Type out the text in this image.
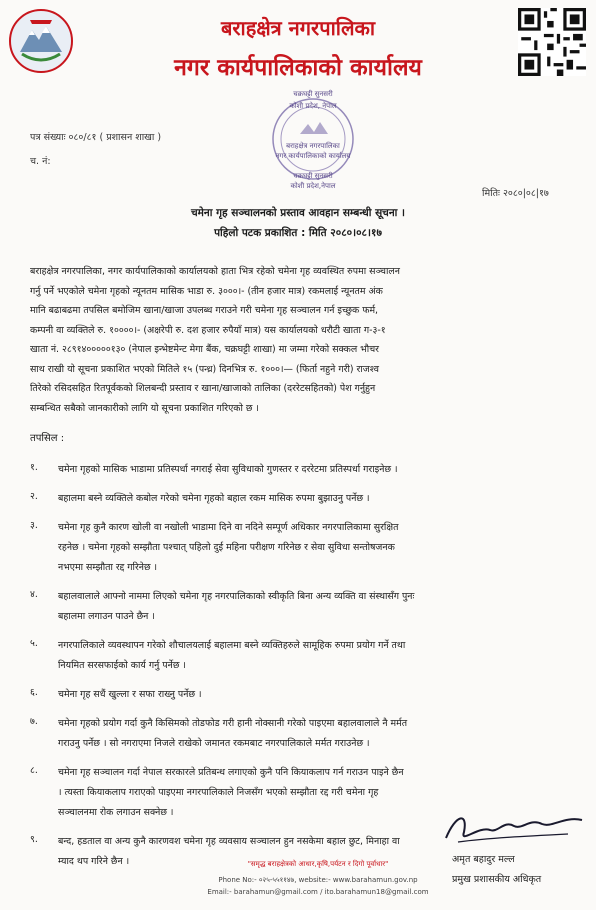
बराहक्षेत्र नगरपालिका
नगर कार्यपालिकाको कार्यालय
पत्र संख्याः ०८०/८१ ( प्रशासन शाखा )
च. नं:
चक्रघट्टी सुनसरी
कोशी प्रदेश, नेपाल
बराहक्षेत्र नगरपालिका
नगर कार्यपालिकाको कार्यालय
चक्रघट्टी सुनसरी
कोशी प्रदेश,नेपाल
मितिः २०८०|०८|१७
चमेना गृह सञ्चालनको प्रस्ताव आवहान सम्बन्धी सूचना ।
पहिलो पटक प्रकाशित : मिति २०८०।०८।१७
बराहक्षेत्र नगरपालिका, नगर कार्यपालिकाको कार्यालयको हाता भित्र रहेको चमेना गृह व्यवस्थित रुपमा सञ्चालन
गर्नु पर्ने भएकोले चमेना गृहको न्यूनतम मासिक भाडा रु. ३०००।- (तीन हजार मात्र) रकमलाई न्यूनतम अंक
मानि बढाबढमा तपसिल बमोजिम खाना/खाजा उपलब्ध गराउने गरी चमेना गृह सञ्चालन गर्न इच्छुक फर्म,
कम्पनी वा व्यक्तिले रु. १००००।- (अक्षरेपी रु. दश हजार रुपैयाँ मात्र) यस कार्यालयको धरौटी खाता ग-३-१
खाता नं. २८९१४०००००१३० (नेपाल इन्भेष्टमेन्ट मेगा बैंक, चक्रघट्टी शाखा) मा जम्मा गरेको सक्कल भौचर
साथ राखी यो सूचना प्रकाशित भएको मितिले १५ (पन्ध्र) दिनभित्र रु. १०००।— (फिर्ता नहुने गरी) राजश्व
तिरेको रसिदसहित रितपूर्वकको शिलबन्दी प्रस्ताव र खाना/खाजाको तालिका (दररेटसहितको) पेश गर्नुहुन
सम्बन्धित सबैको जानकारीको लागि यो सूचना प्रकाशित गरिएको छ ।
तपसिल :
१.	चमेना गृहको मासिक भाडामा प्रतिस्पर्धा नगराई सेवा सुविधाको गुणस्तर र दररेटमा प्रतिस्पर्धा गराइनेछ ।
२.	बहालमा बस्ने व्यक्तिले कबोल गरेको चमेना गृहको बहाल रकम मासिक रुपमा बुझाउनु पर्नेछ ।
३.	चमेना गृह कुनै कारण खोली वा नखोली भाडामा दिने वा नदिने सम्पूर्ण अधिकार नगरपालिकामा सुरक्षित
रहनेछ । चमेना गृहको सम्झौता पश्चात् पहिलो दुई महिना परीक्षण गरिनेछ र सेवा सुविधा सन्तोषजनक
नभएमा सम्झौता रद्द गरिनेछ ।
४.	बहालवालाले आफ्नो नाममा लिएको चमेना गृह नगरपालिकाको स्वीकृति बिना अन्य व्यक्ति वा संस्थासँग पुनः
बहालमा लगाउन पाउने छैन ।
५.	नगरपालिकाले व्यवस्थापन गरेको शौचालयलाई बहालमा बस्ने व्यक्तिहरुले सामूहिक रुपमा प्रयोग गर्ने तथा
नियमित सरसफाईको कार्य गर्नु पर्नेछ ।
६.	चमेना गृह सधैं खुल्ला र सफा राख्नु पर्नेछ ।
७.	चमेना गृहको प्रयोग गर्दा कुनै किसिमको तोडफोड गरी हानी नोक्सानी गरेको पाइएमा बहालवालाले नै मर्मत
गराउनु पर्नेछ । सो नगराएमा निजले राखेको जमानत रकमबाट नगरपालिकाले मर्मत गराउनेछ ।
८.	चमेना गृह सञ्चालन गर्दा नेपाल सरकारले प्रतिबन्ध लगाएको कुनै पनि कियाकलाप गर्न गराउन पाइने छैन
। त्यस्ता कियाकलाप गराएको पाइएमा नगरपालिकाले निजसँग भएको सम्झौता रद्द गरी चमेना गृह
सञ्चालनमा रोक लगाउन सक्नेछ ।
९.	बन्द, हडताल वा अन्य कुनै कारणवश चमेना गृह व्यवसाय सञ्चालन हुन नसकेमा बहाल छुट, मिनाहा वा
म्याद थप गरिने छैन ।	अमृत बहादुर मल्ल
प्रमुख प्रशासकीय अधिकृत
"समृद्ध बराहक्षेत्रको आधार,कृषि,पर्यटन र दिगो पूर्वाधार"
Phone No:- ०२५-५५११४७, website:- www.barahamun.gov.np
Email:- barahamun@gmail.com / ito.barahamun18@gmail.com
